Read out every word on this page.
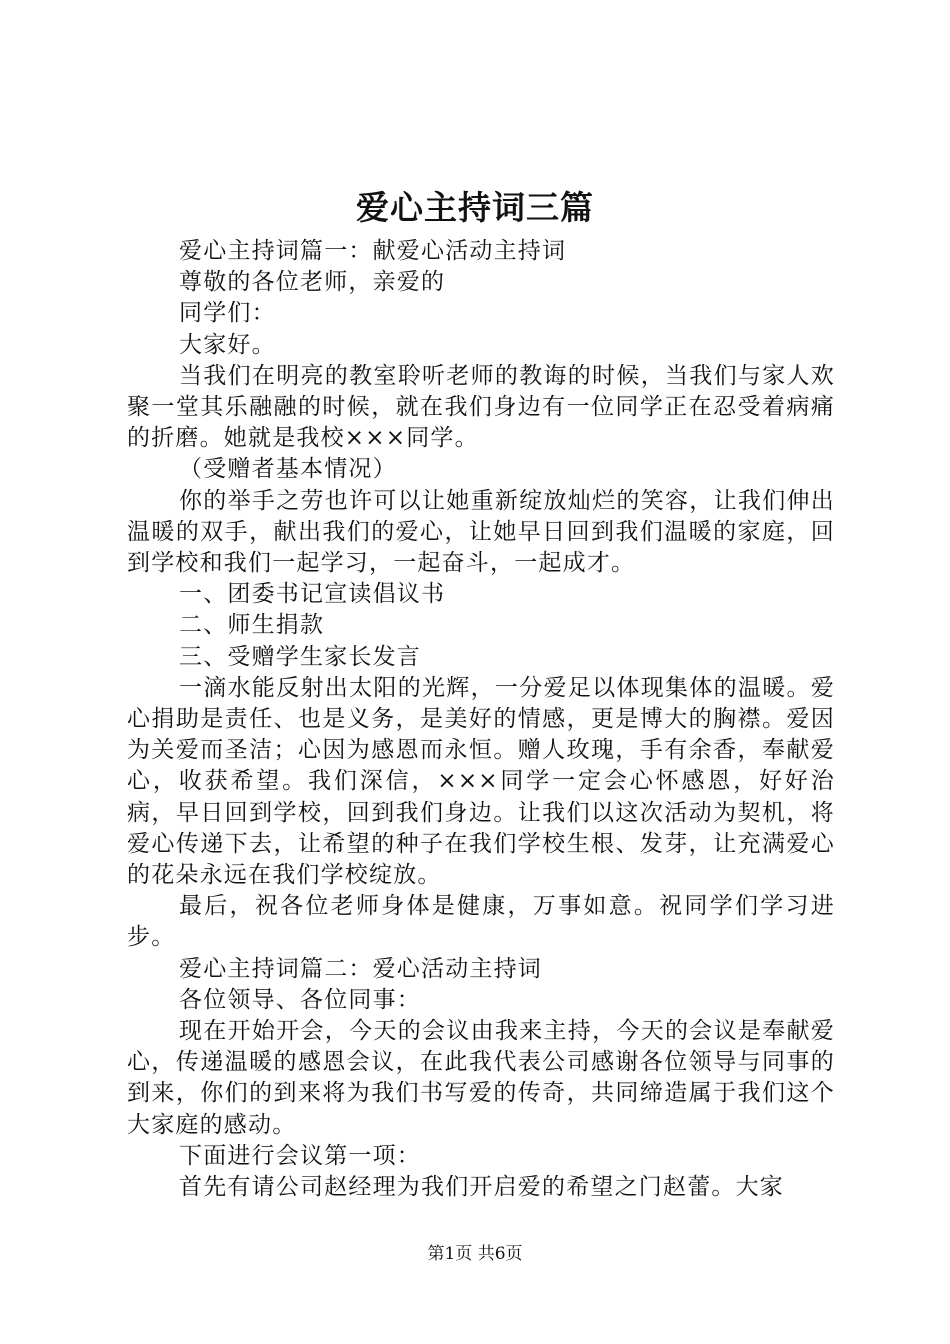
爱心主持词三篇

爱心主持词篇一：献爱心活动主持词

尊敬的各位老师，亲爱的

同学们：

大家好。

当我们在明亮的教室聆听老师的教诲的时候，当我们与家人欢聚一堂其乐融融的时候，就在我们身边有一位同学正在忍受着病痛的折磨。她就是我校×××同学。

（受赠者基本情况）

你的举手之劳也许可以让她重新绽放灿烂的笑容，让我们伸出温暖的双手，献出我们的爱心，让她早日回到我们温暖的家庭，回到学校和我们一起学习，一起奋斗，一起成才。

一、团委书记宣读倡议书

二、师生捐款

三、受赠学生家长发言

一滴水能反射出太阳的光辉，一分爱足以体现集体的温暖。爱心捐助是责任、也是义务，是美好的情感，更是博大的胸襟。爱因为关爱而圣洁；心因为感恩而永恒。赠人玫瑰，手有余香，奉献爱心，收获希望。我们深信，×××同学一定会心怀感恩，好好治病，早日回到学校，回到我们身边。让我们以这次活动为契机，将爱心传递下去，让希望的种子在我们学校生根、发芽，让充满爱心的花朵永远在我们学校绽放。

最后，祝各位老师身体是健康，万事如意。祝同学们学习进步。

爱心主持词篇二：爱心活动主持词

各位领导、各位同事：

现在开始开会，今天的会议由我来主持，今天的会议是奉献爱心，传递温暖的感恩会议，在此我代表公司感谢各位领导与同事的到来，你们的到来将为我们书写爱的传奇，共同缔造属于我们这个大家庭的感动。

下面进行会议第一项：

首先有请公司赵经理为我们开启爱的希望之门赵蕾。大家

第1页 共6页
